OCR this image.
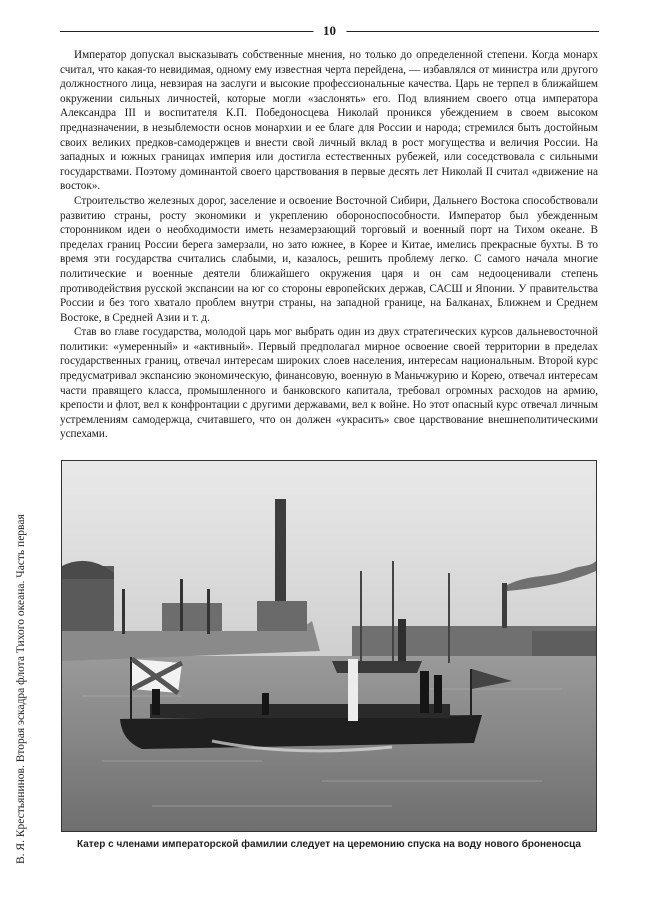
10
В. Я. Крестьянинов. Вторая эскадра флота Тихого океана. Часть первая

Император допускал высказывать собственные мнения, но только до определенной степени. Когда монарх считал, что какая-то невидимая, одному ему известная черта перейдена, — избавлялся от министра или другого должностного лица, невзирая на заслуги и высокие профессиональные качества. Царь не терпел в ближайшем окружении сильных личностей, которые могли «заслонять» его. Под влиянием своего отца императора Александра III и воспитателя К.П. Победоносцева Николай проникся убеждением в своем высоком предназначении, в незыблемости основ монархии и ее благе для России и народа; стремился быть достойным своих великих предков-самодержцев и внести свой личный вклад в рост могущества и величия России. На западных и южных границах империя или достигла естественных рубежей, или соседствовала с сильными государствами. Поэтому доминантой своего царствования в первые десять лет Николай II считал «движение на восток».

Строительство железных дорог, заселение и освоение Восточной Сибири, Дальнего Востока способствовали развитию страны, росту экономики и укреплению обороноспособности. Император был убежденным сторонником идеи о необходимости иметь незамерзающий торговый и военный порт на Тихом океане. В пределах границ России берега замерзали, но зато южнее, в Корее и Китае, имелись прекрасные бухты. В то время эти государства считались слабыми, и, казалось, решить проблему легко. С самого начала многие политические и военные деятели ближайшего окружения царя и он сам недооценивали степень противодействия русской экспансии на юг со стороны европейских держав, САСШ и Японии. У правительства России и без того хватало проблем внутри страны, на западной границе, на Балканах, Ближнем и Среднем Востоке, в Средней Азии и т. д.

Став во главе государства, молодой царь мог выбрать один из двух стратегических курсов дальневосточной политики: «умеренный» и «активный». Первый предполагал мирное освоение своей территории в пределах государственных границ, отвечал интересам широких слоев населения, интересам национальным. Второй курс предусматривал экспансию экономическую, финансовую, военную в Маньчжурию и Корею, отвечал интересам части правящего класса, промышленного и банковского капитала, требовал огромных расходов на армию, крепости и флот, вел к конфронтации с другими державами, вел к войне. Но этот опасный курс отвечал личным устремлениям самодержца, считавшего, что он должен «украсить» свое царствование внешнеполитическими успехами.

Катер с членами императорской фамилии следует на церемонию спуска на воду нового броненосца
